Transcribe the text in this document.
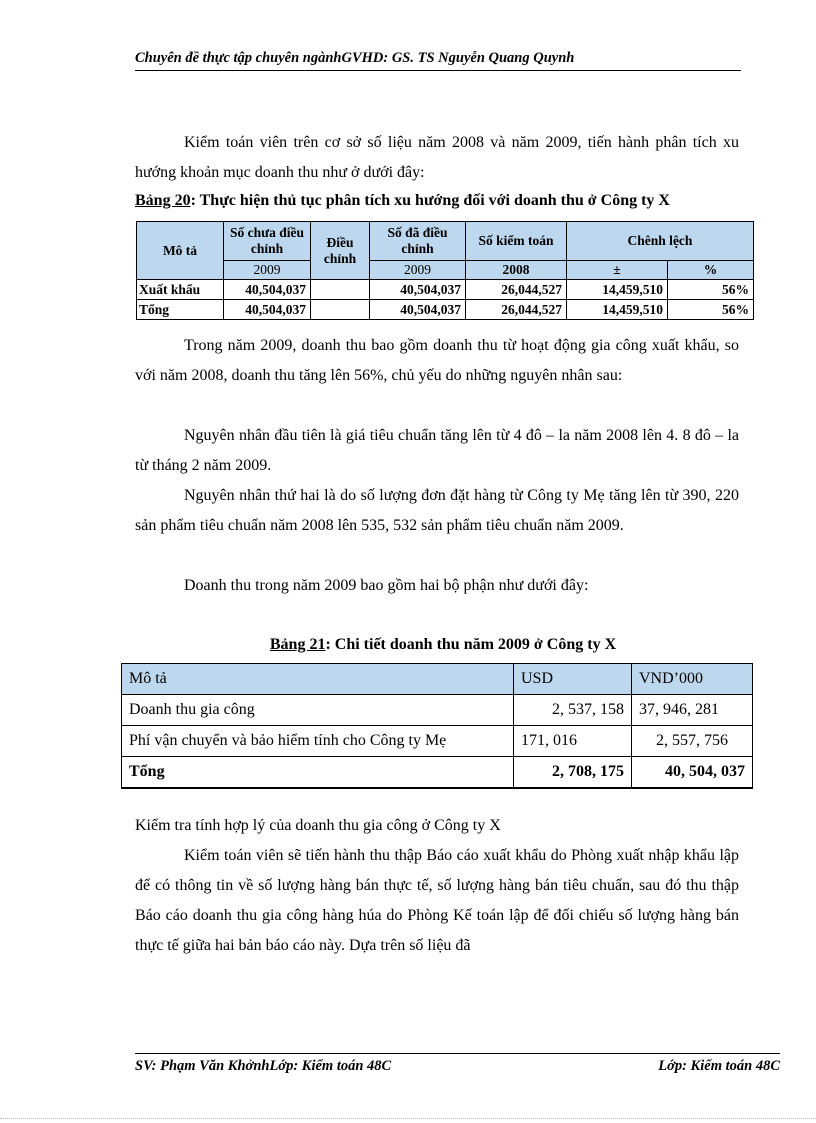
Chuyên đề thực tập chuyên ngànhGVHD: GS. TS Nguyễn Quang Quynh

Kiểm toán viên trên cơ sở số liệu năm 2008 và năm 2009, tiến hành phân tích xu hướng khoản mục doanh thu như ở dưới đây:

Bảng 20: Thực hiện thủ tục phân tích xu hướng đối với doanh thu ở Công ty X
Mô tả	Số chưa điều chỉnh	Điều chỉnh	Số đã điều chỉnh	Số kiểm toán	Chênh lệch	
	2009		2009	2008	±	%
Xuất khẩu	40,504,037		40,504,037	26,044,527	14,459,510	56%
Tổng	40,504,037		40,504,037	26,044,527	14,459,510	56%

Trong năm 2009, doanh thu bao gồm doanh thu từ hoạt động gia công xuất khẩu, so với năm 2008, doanh thu tăng lên 56%, chủ yếu do những nguyên nhân sau:

Nguyên nhân đầu tiên là giá tiêu chuẩn tăng lên từ 4 đô – la năm 2008 lên 4. 8 đô – la từ tháng 2 năm 2009.

Nguyên nhân thứ hai là do số lượng đơn đặt hàng từ Công ty Mẹ tăng lên từ 390, 220 sản phẩm tiêu chuẩn năm 2008 lên 535, 532 sản phẩm tiêu chuẩn năm 2009.

Doanh thu trong năm 2009 bao gồm hai bộ phận như dưới đây:

Bảng 21: Chi tiết doanh thu năm 2009 ở Công ty X
Mô tả	USD	VND’000
Doanh thu gia công	2, 537, 158	37, 946, 281
Phí vận chuyển và bảo hiểm tính cho Công ty Mẹ	171, 016	2, 557, 756
Tổng	2, 708, 175	40, 504, 037

Kiểm tra tính hợp lý của doanh thu gia công ở Công ty X

Kiểm toán viên sẽ tiến hành thu thập Báo cáo xuất khẩu do Phòng xuất nhập khẩu lập để có thông tin về số lượng hàng bán thực tế, số lượng hàng bán tiêu chuẩn, sau đó thu thập Báo cáo doanh thu gia công hàng húa do Phòng Kế toán lập để đối chiếu số lượng hàng bán thực tế giữa hai bản báo cáo này. Dựa trên số liệu đã

SV: Phạm Văn KhởnhLớp: Kiểm toán 48C	Lớp: Kiểm toán 48C
